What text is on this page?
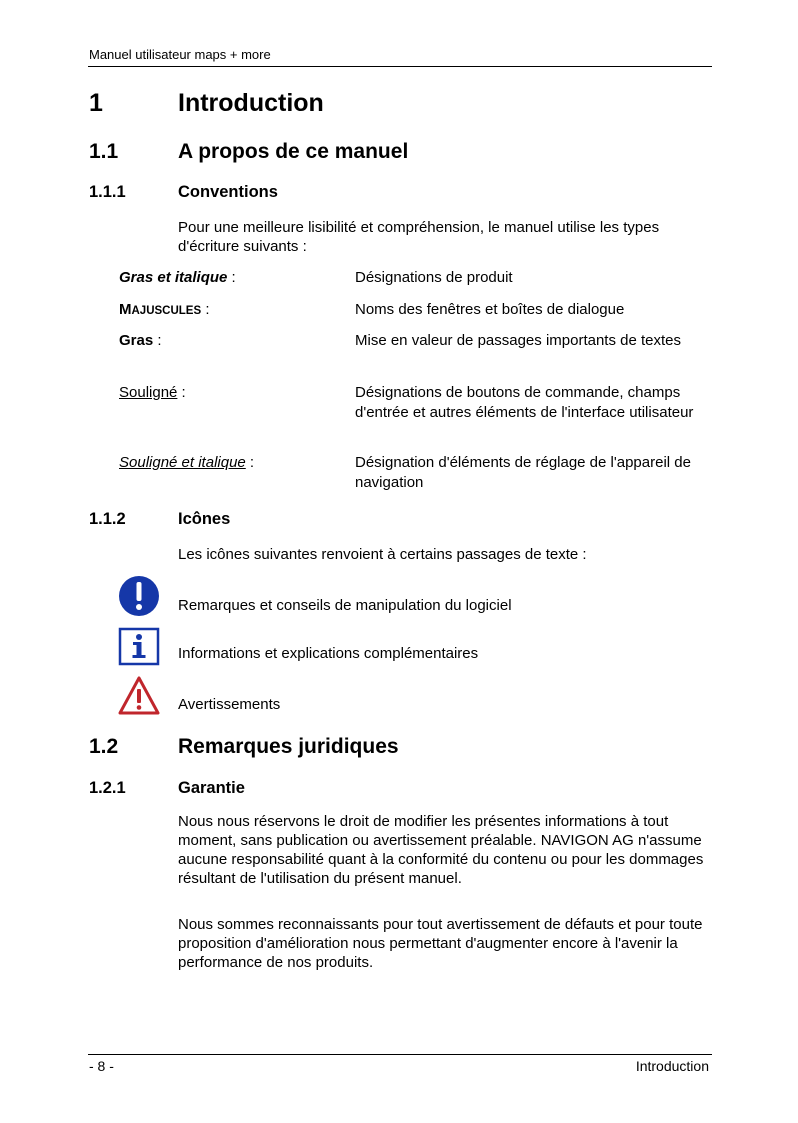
Manuel utilisateur maps + more
1	Introduction
1.1	A propos de ce manuel
1.1.1	Conventions
Pour une meilleure lisibilité et compréhension, le manuel utilise les types d'écriture suivants :
Gras et italique :	Désignations de produit
MAJUSCULES :	Noms des fenêtres et boîtes de dialogue
Gras :	Mise en valeur de passages importants de textes
Souligné :	Désignations de boutons de commande, champs d'entrée et autres éléments de l'interface utilisateur
Souligné et italique :	Désignation d'éléments de réglage de l'appareil de navigation
1.1.2	Icônes
Les icônes suivantes renvoient à certains passages de texte :
Remarques et conseils de manipulation du logiciel
Informations et explications complémentaires
Avertissements
1.2	Remarques juridiques
1.2.1	Garantie
Nous nous réservons le droit de modifier les présentes informations à tout moment, sans publication ou avertissement préalable. NAVIGON AG n'assume aucune responsabilité quant à la conformité du contenu ou pour les dommages résultant de l'utilisation du présent manuel.
Nous sommes reconnaissants pour tout avertissement de défauts et pour toute proposition d'amélioration nous permettant d'augmenter encore à l'avenir la performance de nos produits.
- 8 -	Introduction
